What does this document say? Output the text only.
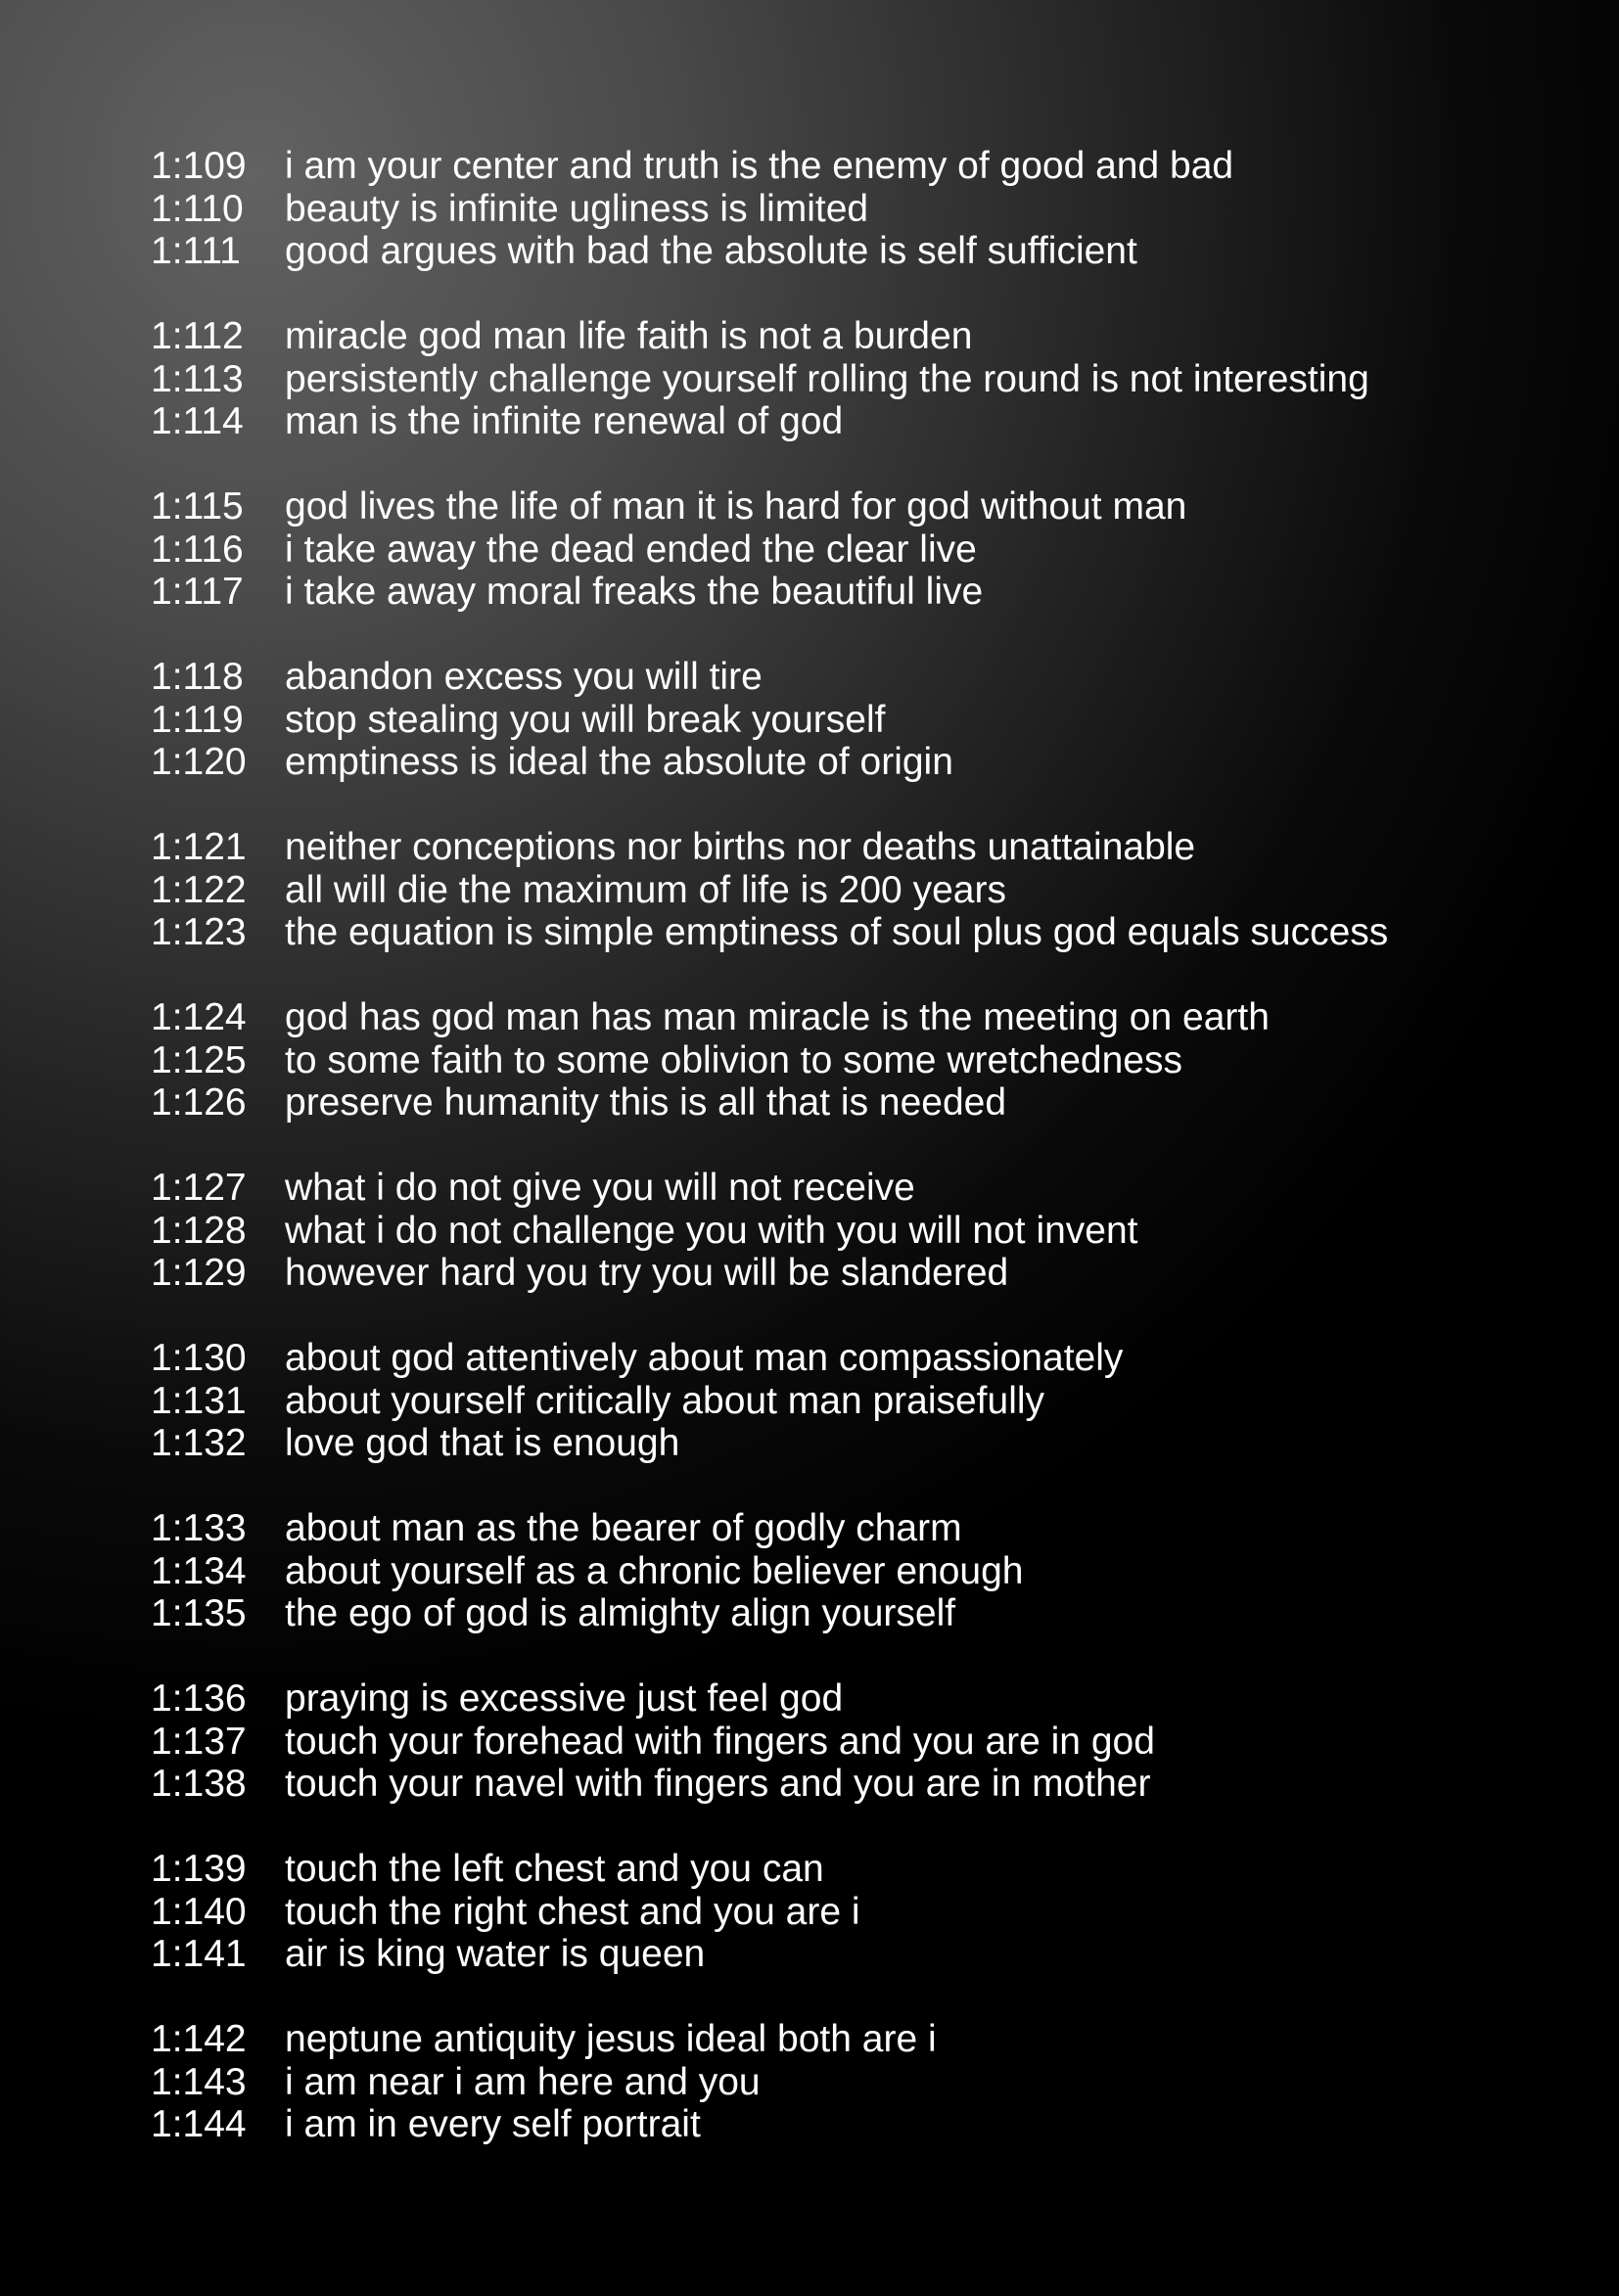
1:109	i am your center and truth is the enemy of good and bad
1:110	beauty is infinite ugliness is limited
1:111	good argues with bad the absolute is self sufficient
1:112	miracle god man life faith is not a burden
1:113	persistently challenge yourself rolling the round is not interesting
1:114	man is the infinite renewal of god
1:115	god lives the life of man it is hard for god without man
1:116	i take away the dead ended the clear live
1:117	i take away moral freaks the beautiful live
1:118	abandon excess you will tire
1:119	stop stealing you will break yourself
1:120	emptiness is ideal the absolute of origin
1:121	neither conceptions nor births nor deaths unattainable
1:122	all will die the maximum of life is 200 years
1:123	the equation is simple emptiness of soul plus god equals success
1:124	god has god man has man miracle is the meeting on earth
1:125	to some faith to some oblivion to some wretchedness
1:126	preserve humanity this is all that is needed
1:127	what i do not give you will not receive
1:128	what i do not challenge you with you will not invent
1:129	however hard you try you will be slandered
1:130	about god attentively about man compassionately
1:131	about yourself critically about man praisefully
1:132	love god that is enough
1:133	about man as the bearer of godly charm
1:134	about yourself as a chronic believer enough
1:135	the ego of god is almighty align yourself
1:136	praying is excessive just feel god
1:137	touch your forehead with fingers and you are in god
1:138	touch your navel with fingers and you are in mother
1:139	touch the left chest and you can
1:140	touch the right chest and you are i
1:141	air is king water is queen
1:142	neptune antiquity jesus ideal both are i
1:143	i am near i am here and you
1:144	i am in every self portrait
